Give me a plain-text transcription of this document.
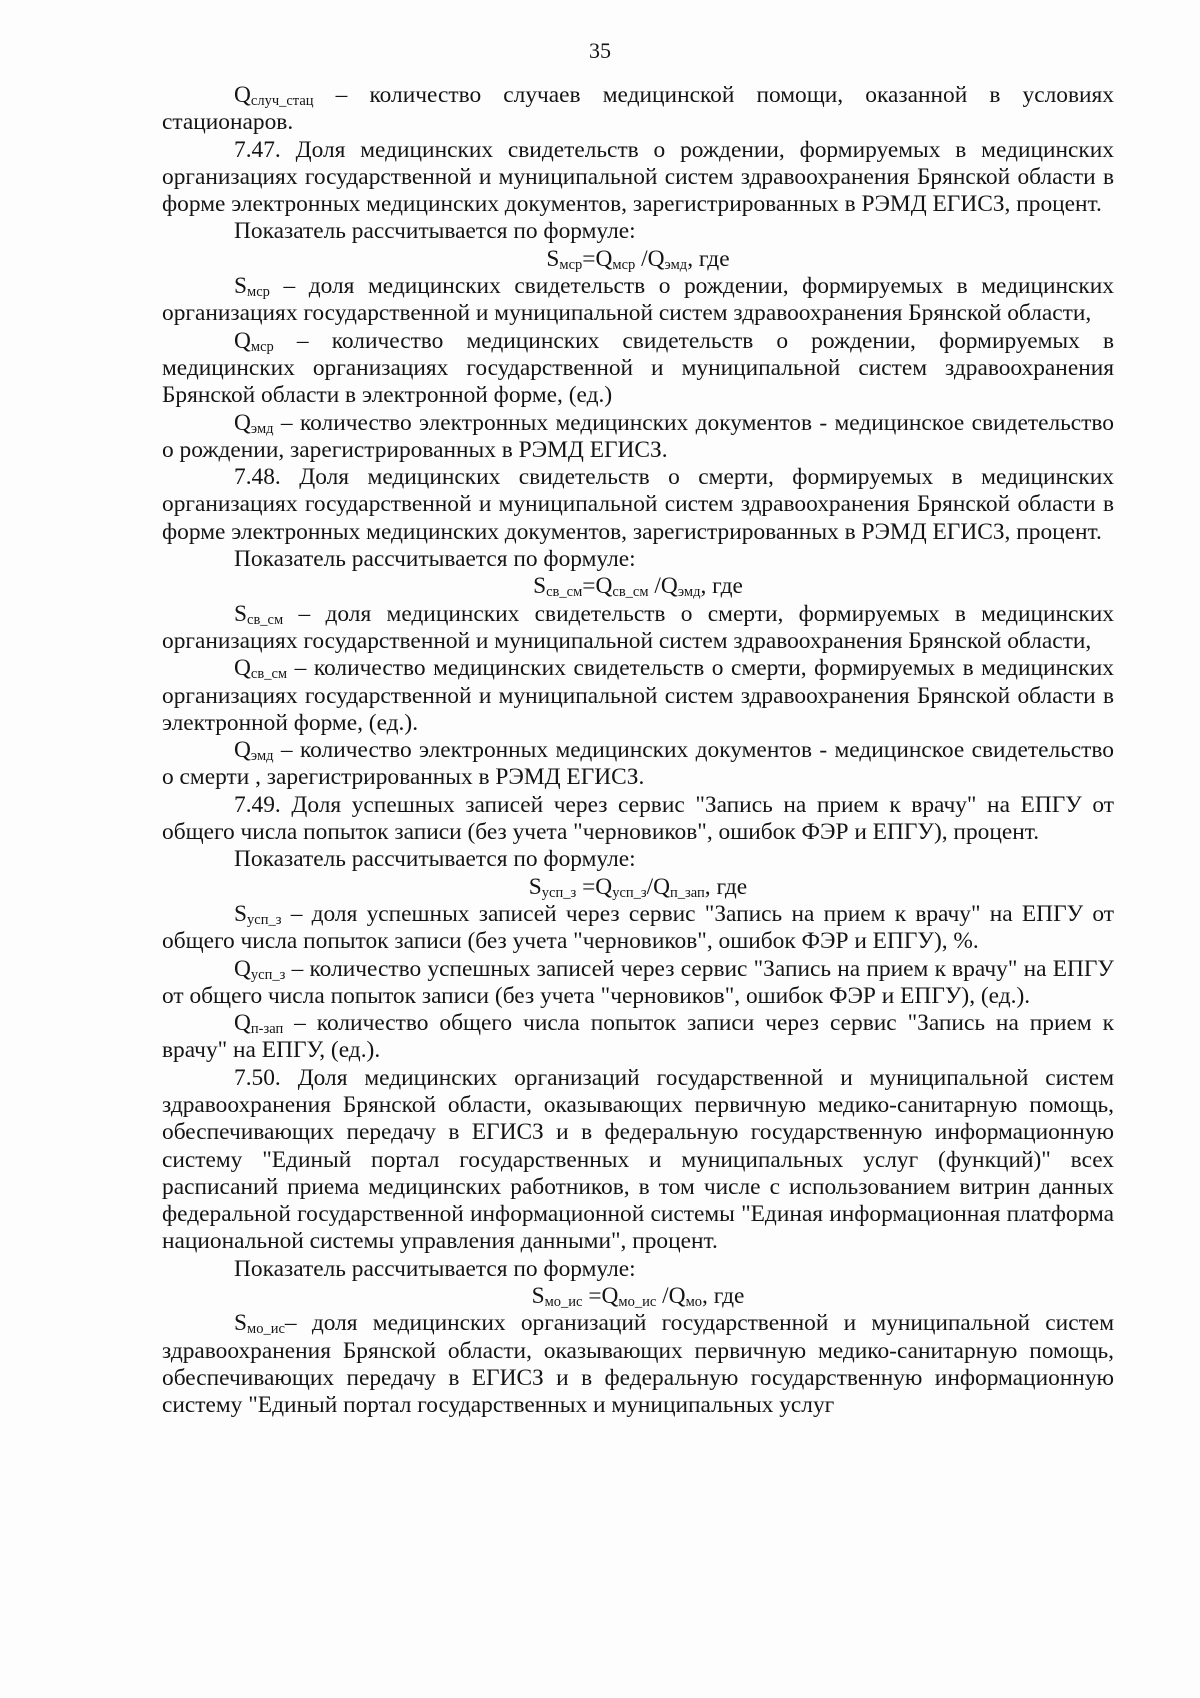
35

$Q_{случ\_стац}$ – количество случаев медицинской помощи, оказанной в условиях стационаров.

7.47. Доля медицинских свидетельств о рождении, формируемых в медицинских организациях государственной и муниципальной систем здравоохранения Брянской области в форме электронных медицинских документов, зарегистрированных в РЭМД ЕГИСЗ, процент.

Показатель рассчитывается по формуле:

$S_{мср}=Q_{мср}$ $/Q_{эмд}$, где

$S_{мср}$ – доля медицинских свидетельств о рождении, формируемых в медицинских организациях государственной и муниципальной систем здравоохранения Брянской области,

$Q_{мср}$ – количество медицинских свидетельств о рождении, формируемых в медицинских организациях государственной и муниципальной систем здравоохранения Брянской области в электронной форме, (ед.)

$Q_{эмд}$ – количество электронных медицинских документов - медицинское свидетельство о рождении, зарегистрированных в РЭМД ЕГИСЗ.

7.48. Доля медицинских свидетельств о смерти, формируемых в медицинских организациях государственной и муниципальной систем здравоохранения Брянской области в форме электронных медицинских документов, зарегистрированных в РЭМД ЕГИСЗ, процент.

Показатель рассчитывается по формуле:

$S_{св\_см}=Q_{св\_см}$ $/Q_{эмд}$, где

$S_{св\_см}$ – доля медицинских свидетельств о смерти, формируемых в медицинских организациях государственной и муниципальной систем здравоохранения Брянской области,

$Q_{св\_см}$ – количество медицинских свидетельств о смерти, формируемых в медицинских организациях государственной и муниципальной систем здравоохранения Брянской области в электронной форме, (ед.).

$Q_{эмд}$ – количество электронных медицинских документов - медицинское свидетельство о смерти , зарегистрированных в РЭМД ЕГИСЗ.

7.49. Доля успешных записей через сервис "Запись на прием к врачу" на ЕПГУ от общего числа попыток записи (без учета "черновиков", ошибок ФЭР и ЕПГУ), процент.

Показатель рассчитывается по формуле:

$S_{усп\_з} =Q_{усп\_з}/Q_{п\_зап}$, где

$S_{усп\_з}$ – доля успешных записей через сервис "Запись на прием к врачу" на ЕПГУ от общего числа попыток записи (без учета "черновиков", ошибок ФЭР и ЕПГУ), %.

$Q_{усп\_з}$ – количество успешных записей через сервис "Запись на прием к врачу" на ЕПГУ от общего числа попыток записи (без учета "черновиков", ошибок ФЭР и ЕПГУ), (ед.).

$Q_{п-зап}$ – количество общего числа попыток записи через сервис "Запись на прием к врачу" на ЕПГУ, (ед.).

7.50. Доля медицинских организаций государственной и муниципальной систем здравоохранения Брянской области, оказывающих первичную медико-санитарную помощь, обеспечивающих передачу в ЕГИСЗ и в федеральную государственную информационную систему "Единый портал государственных и муниципальных услуг (функций)" всех расписаний приема медицинских работников, в том числе с использованием витрин данных федеральной государственной информационной системы "Единая информационная платформа национальной системы управления данными", процент.

Показатель рассчитывается по формуле:

$S_{мо\_ис} =Q_{мо\_ис}$ $/Q_{мо}$, где

$S_{мо\_ис}-$ доля медицинских организаций государственной и муниципальной систем здравоохранения Брянской области, оказывающих первичную медико-санитарную помощь, обеспечивающих передачу в ЕГИСЗ и в федеральную государственную информационную систему "Единый портал государственных и муниципальных услуг
